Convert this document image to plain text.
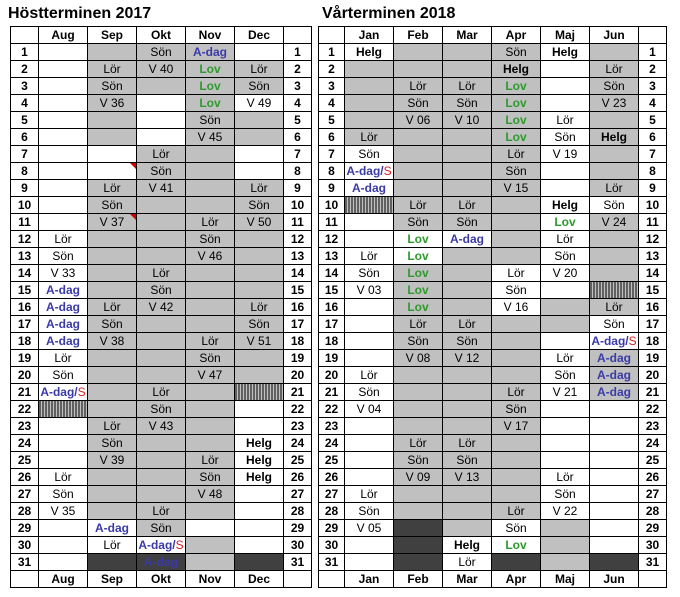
Höstterminen 2017	Vårterminen 2018
	Aug	Sep	Okt	Nov	Dec	
1			Sön	A-dag		1
2		Lör	V 40	Lov	Lör	2
3		Sön		Lov	Sön	3
4		V 36		Lov	V 49	4
5				Sön		5
6				V 45		6
7			Lör			7
8			Sön			8
9		Lör	V 41		Lör	9
10		Sön			Sön	10
11		V 37		Lör	V 50	11
12	Lör			Sön		12
13	Sön			V 46		13
14	V 33		Lör			14
15	A-dag		Sön			15
16	A-dag	Lör	V 42		Lör	16
17	A-dag	Sön			Sön	17
18	A-dag	V 38		Lör	V 51	18
19	Lör			Sön		19
20	Sön			V 47		20
21	A-dag/S		Lör			21
22			Sön			22
23		Lör	V 43			23
24		Sön			Helg	24
25		V 39		Lör	Helg	25
26	Lör			Sön	Helg	26
27	Sön			V 48		27
28	V 35		Lör			28
29		A-dag	Sön			29
30		Lör	A-dag/S			30
31			A-dag			31
	Aug	Sep	Okt	Nov	Dec	
	Jan	Feb	Mar	Apr	Maj	Jun	
1	Helg			Sön	Helg		1
2				Helg		Lör	2
3		Lör	Lör	Lov		Sön	3
4		Sön	Sön	Lov		V 23	4
5		V 06	V 10	Lov	Lör		5
6	Lör			Lov	Sön	Helg	6
7	Sön			Lör	V 19		7
8	A-dag/S			Sön			8
9	A-dag			V 15		Lör	9
10		Lör	Lör		Helg	Sön	10
11		Sön	Sön		Lov	V 24	11
12		Lov	A-dag		Lör		12
13	Lör	Lov			Sön		13
14	Sön	Lov		Lör	V 20		14
15	V 03	Lov		Sön			15
16		Lov		V 16		Lör	16
17		Lör	Lör			Sön	17
18		Sön	Sön			A-dag/S	18
19		V 08	V 12		Lör	A-dag	19
20	Lör				Sön	A-dag	20
21	Sön			Lör	V 21	A-dag	21
22	V 04			Sön			22
23				V 17			23
24		Lör	Lör				24
25		Sön	Sön				25
26		V 09	V 13		Lör		26
27	Lör				Sön		27
28	Sön			Lör	V 22		28
29	V 05			Sön			29
30			Helg	Lov			30
31			Lör				31
	Jan	Feb	Mar	Apr	Maj	Jun	
